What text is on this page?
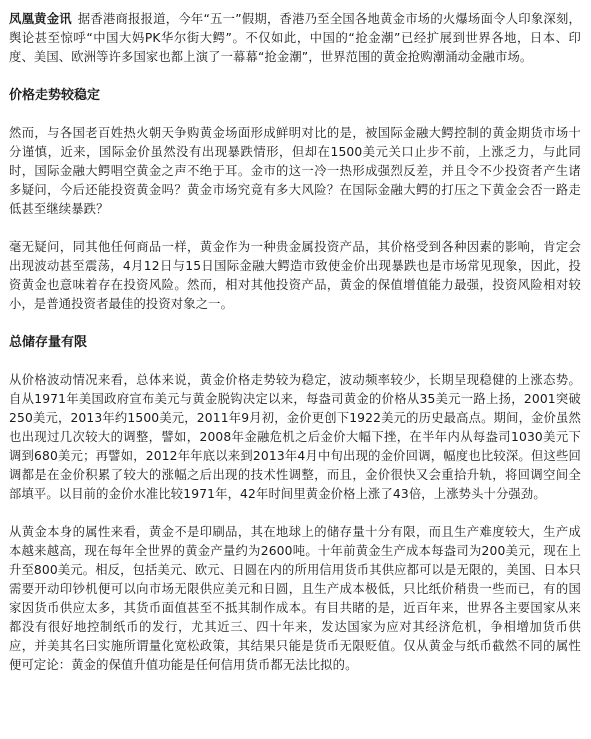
凤凰黄金讯 据香港商报报道，今年“五一”假期，香港乃至全国各地黄金市场的火爆场面令人印象深刻，舆论甚至惊呼“中国大妈PK华尔街大鳄”。不仅如此，中国的“抢金潮”已经扩展到世界各地，日本、印度、美国、欧洲等许多国家也都上演了一幕幕“抢金潮”，世界范围的黄金抢购潮涌动金融市场。

价格走势较稳定

然而，与各国老百姓热火朝天争购黄金场面形成鲜明对比的是，被国际金融大鳄控制的黄金期货市场十分谨慎，近来，国际金价虽然没有出现暴跌情形，但却在1500美元关口止步不前，上涨乏力，与此同时，国际金融大鳄唱空黄金之声不绝于耳。金市的这一冷一热形成强烈反差，并且令不少投资者产生诸多疑问，今后还能投资黄金吗？黄金市场究竟有多大风险？在国际金融大鳄的打压之下黄金会否一路走低甚至继续暴跌？

毫无疑问，同其他任何商品一样，黄金作为一种贵金属投资产品，其价格受到各种因素的影响，肯定会出现波动甚至震荡，4月12日与15日国际金融大鳄造市致使金价出现暴跌也是市场常见现象，因此，投资黄金也意味着存在投资风险。然而，相对其他投资产品，黄金的保值增值能力最强，投资风险相对较小，是普通投资者最佳的投资对象之一。

总储存量有限

从价格波动情况来看，总体来说，黄金价格走势较为稳定，波动频率较少，长期呈现稳健的上涨态势。自从1971年美国政府宣布美元与黄金脱钩决定以来，每盎司黄金的价格从35美元一路上扬，2001突破250美元，2013年约1500美元，2011年9月初，金价更创下1922美元的历史最高点。期间，金价虽然也出现过几次较大的调整，譬如，2008年金融危机之后金价大幅下挫，在半年内从每盎司1030美元下调到680美元；再譬如，2012年年底以来到2013年4月中旬出现的金价回调，幅度也比较深。但这些回调都是在金价积累了较大的涨幅之后出现的技术性调整，而且，金价很快又会重拾升轨，将回调空间全部填平。以目前的金价水准比较1971年，42年时间里黄金价格上涨了43倍，上涨势头十分强劲。

从黄金本身的属性来看，黄金不是印刷品，其在地球上的储存量十分有限，而且生产难度较大，生产成本越来越高，现在每年全世界的黄金产量约为2600吨。十年前黄金生产成本每盎司为200美元，现在上升至800美元。相反，包括美元、欧元、日圆在内的所用信用货币其供应都可以是无限的，美国、日本只需要开动印钞机便可以向市场无限供应美元和日圆，且生产成本极低，只比纸价稍贵一些而已，有的国家因货币供应太多，其货币面值甚至不抵其制作成本。有目共睹的是，近百年来，世界各主要国家从来都没有很好地控制纸币的发行，尤其近三、四十年来，发达国家为应对其经济危机，争相增加货币供应，并美其名曰实施所谓量化宽松政策，其结果只能是货币无限贬值。仅从黄金与纸币截然不同的属性便可定论：黄金的保值升值功能是任何信用货币都无法比拟的。
